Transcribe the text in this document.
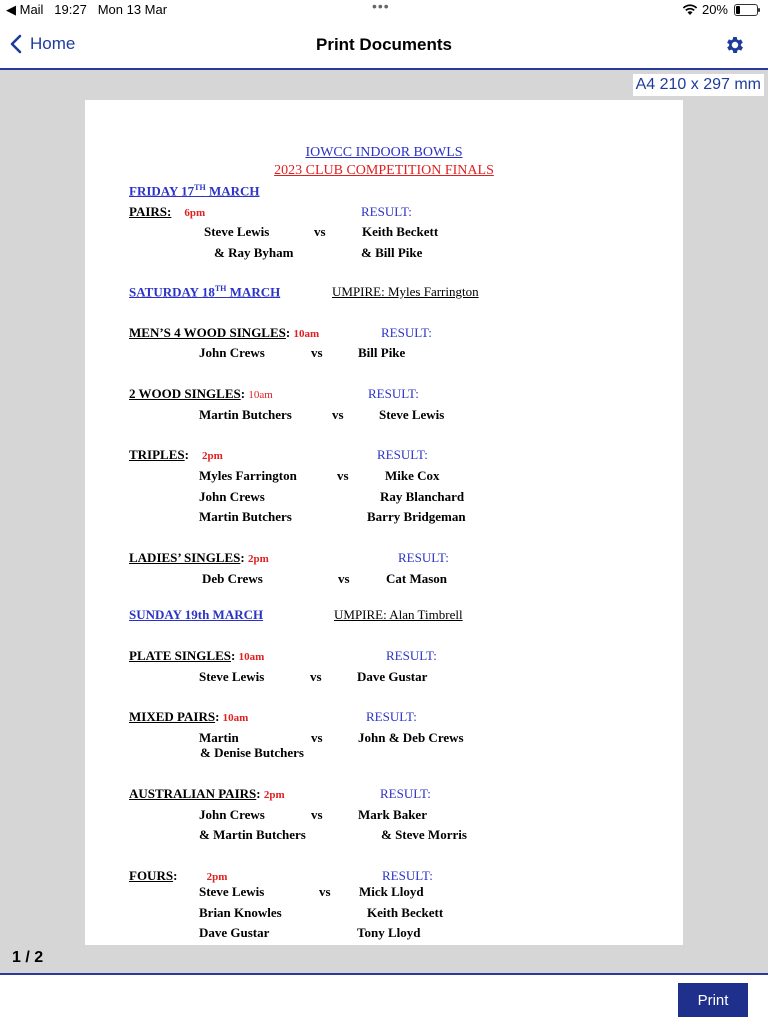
◀ Mail 19:27 Mon 13 Mar	•••	20%
Home	Print Documents
A4 210 x 297 mm
IOWCC INDOOR BOWLS
2023 CLUB COMPETITION FINALS
FRIDAY 17TH MARCH
PAIRS: 6pm	RESULT:
Steve Lewis	vs	Keith Beckett
& Ray Byham	& Bill Pike
SATURDAY 18TH MARCH	UMPIRE: Myles Farrington
MEN’S 4 WOOD SINGLES: 10am	RESULT:
John Crews	vs	Bill Pike
2 WOOD SINGLES: 10am	RESULT:
Martin Butchers	vs	Steve Lewis
TRIPLES: 2pm	RESULT:
Myles Farrington	vs	Mike Cox
John Crews	Ray Blanchard
Martin Butchers	Barry Bridgeman
LADIES’ SINGLES: 2pm	RESULT:
Deb Crews	vs	Cat Mason
SUNDAY 19th MARCH	UMPIRE: Alan Timbrell
PLATE SINGLES: 10am	RESULT:
Steve Lewis	vs	Dave Gustar
MIXED PAIRS: 10am	RESULT:
Martin	vs	John & Deb Crews
& Denise Butchers
AUSTRALIAN PAIRS: 2pm	RESULT:
John Crews	vs	Mark Baker
& Martin Butchers	& Steve Morris
FOURS:	2pm	RESULT:
Steve Lewis	vs Mick Lloyd
Brian Knowles	Keith Beckett
Dave Gustar	Tony Lloyd
1 / 2
Print
